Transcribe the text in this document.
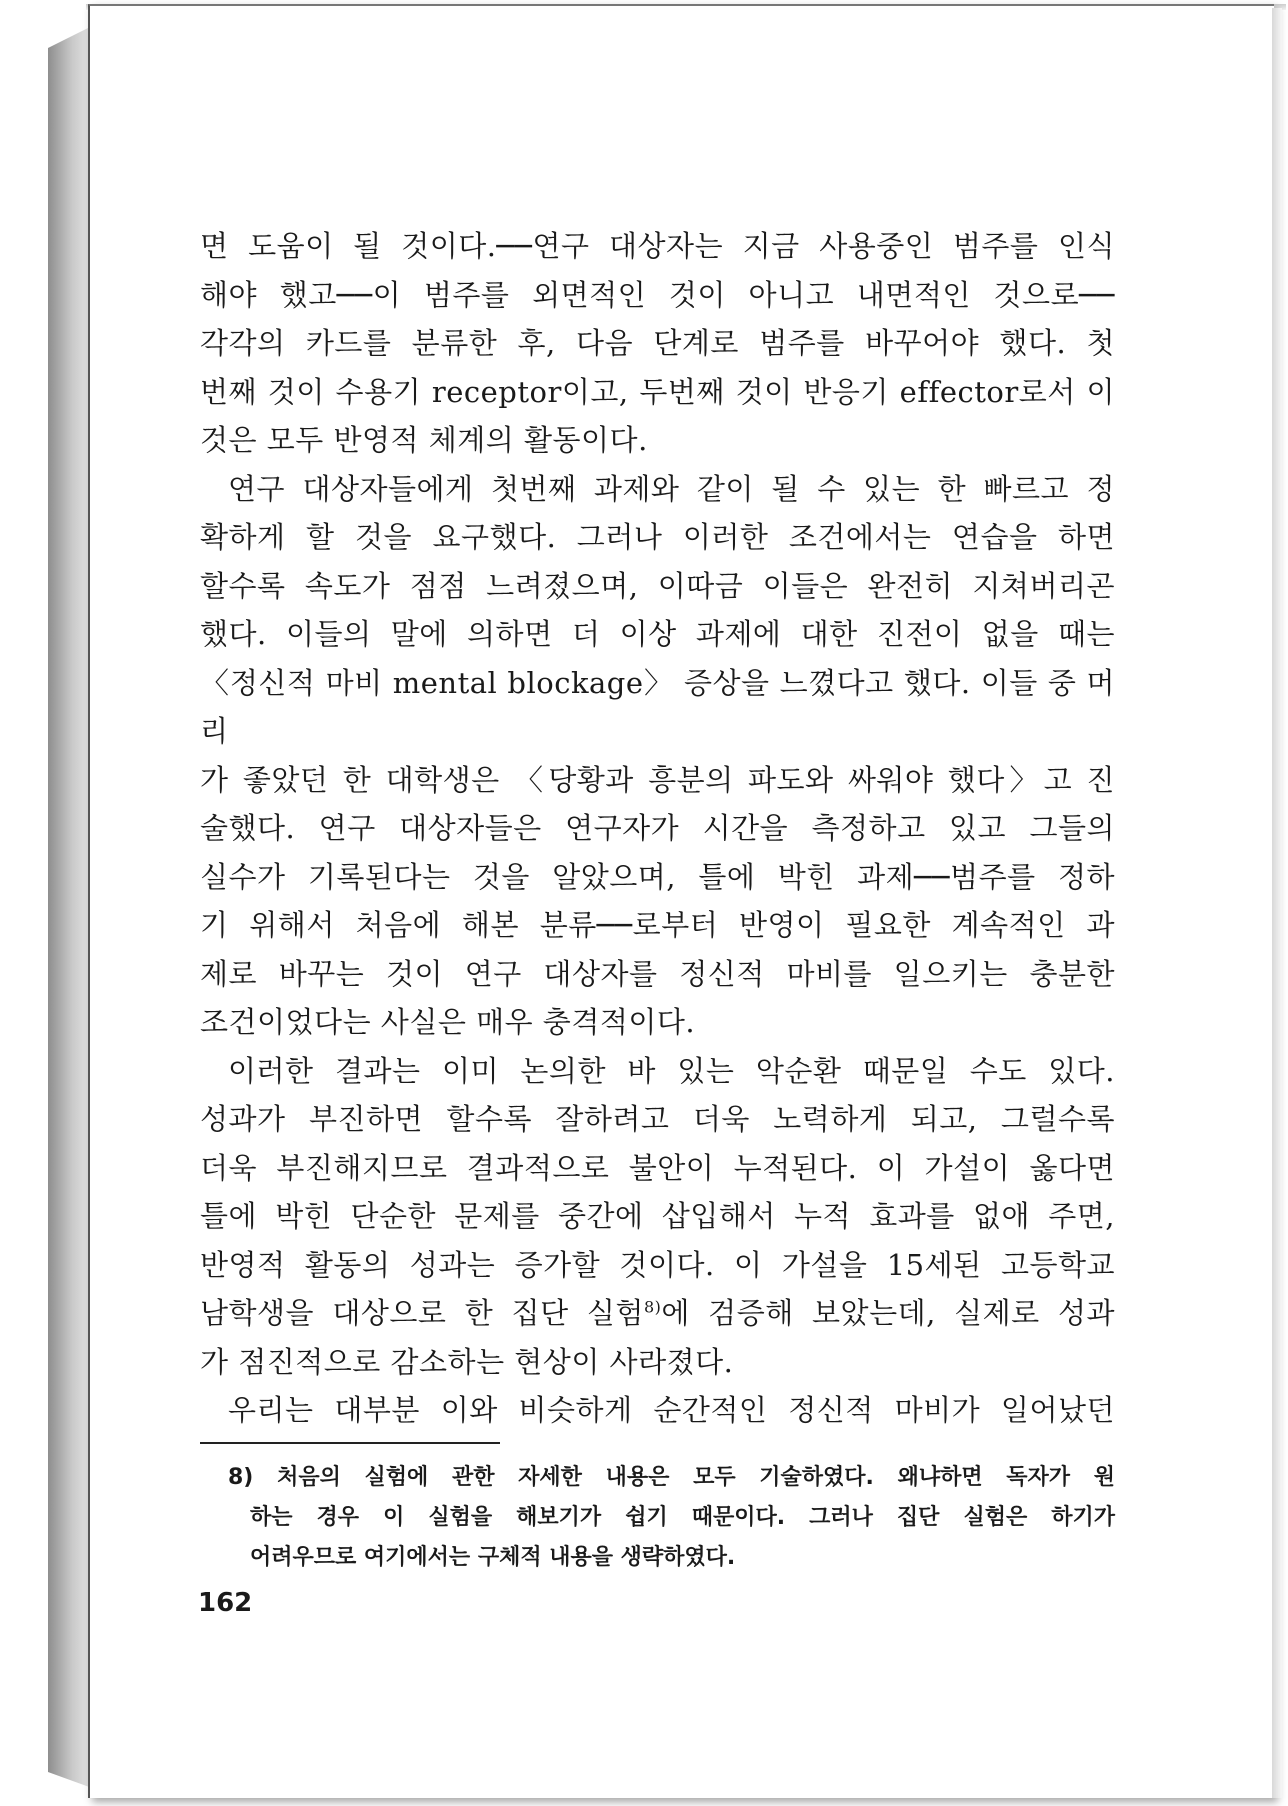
면 도움이 될 것이다.──연구 대상자는 지금 사용중인 범주를 인식
해야 했고──이 범주를 외면적인 것이 아니고 내면적인 것으로──
각각의 카드를 분류한 후, 다음 단계로 범주를 바꾸어야 했다. 첫
번째 것이 수용기 receptor이고, 두번째 것이 반응기 effector로서 이
것은 모두 반영적 체계의 활동이다.

연구 대상자들에게 첫번째 과제와 같이 될 수 있는 한 빠르고 정
확하게 할 것을 요구했다. 그러나 이러한 조건에서는 연습을 하면
할수록 속도가 점점 느려졌으며, 이따금 이들은 완전히 지쳐버리곤
했다. 이들의 말에 의하면 더 이상 과제에 대한 진전이 없을 때는
〈정신적 마비 mental blockage〉 증상을 느꼈다고 했다. 이들 중 머리
가 좋았던 한 대학생은 〈당황과 흥분의 파도와 싸워야 했다〉고 진
술했다. 연구 대상자들은 연구자가 시간을 측정하고 있고 그들의
실수가 기록된다는 것을 알았으며, 틀에 박힌 과제──범주를 정하
기 위해서 처음에 해본 분류──로부터 반영이 필요한 계속적인 과
제로 바꾸는 것이 연구 대상자를 정신적 마비를 일으키는 충분한
조건이었다는 사실은 매우 충격적이다.

이러한 결과는 이미 논의한 바 있는 악순환 때문일 수도 있다.
성과가 부진하면 할수록 잘하려고 더욱 노력하게 되고, 그럴수록
더욱 부진해지므로 결과적으로 불안이 누적된다. 이 가설이 옳다면
틀에 박힌 단순한 문제를 중간에 삽입해서 누적 효과를 없애 주면,
반영적 활동의 성과는 증가할 것이다. 이 가설을 15세된 고등학교
남학생을 대상으로 한 집단 실험$^{8)}$에 검증해 보았는데, 실제로 성과
가 점진적으로 감소하는 현상이 사라졌다.

우리는 대부분 이와 비슷하게 순간적인 정신적 마비가 일어났던

8) 처음의 실험에 관한 자세한 내용은 모두 기술하였다. 왜냐하면 독자가 원
하는 경우 이 실험을 해보기가 쉽기 때문이다. 그러나 집단 실험은 하기가
어려우므로 여기에서는 구체적 내용을 생략하였다.
162
